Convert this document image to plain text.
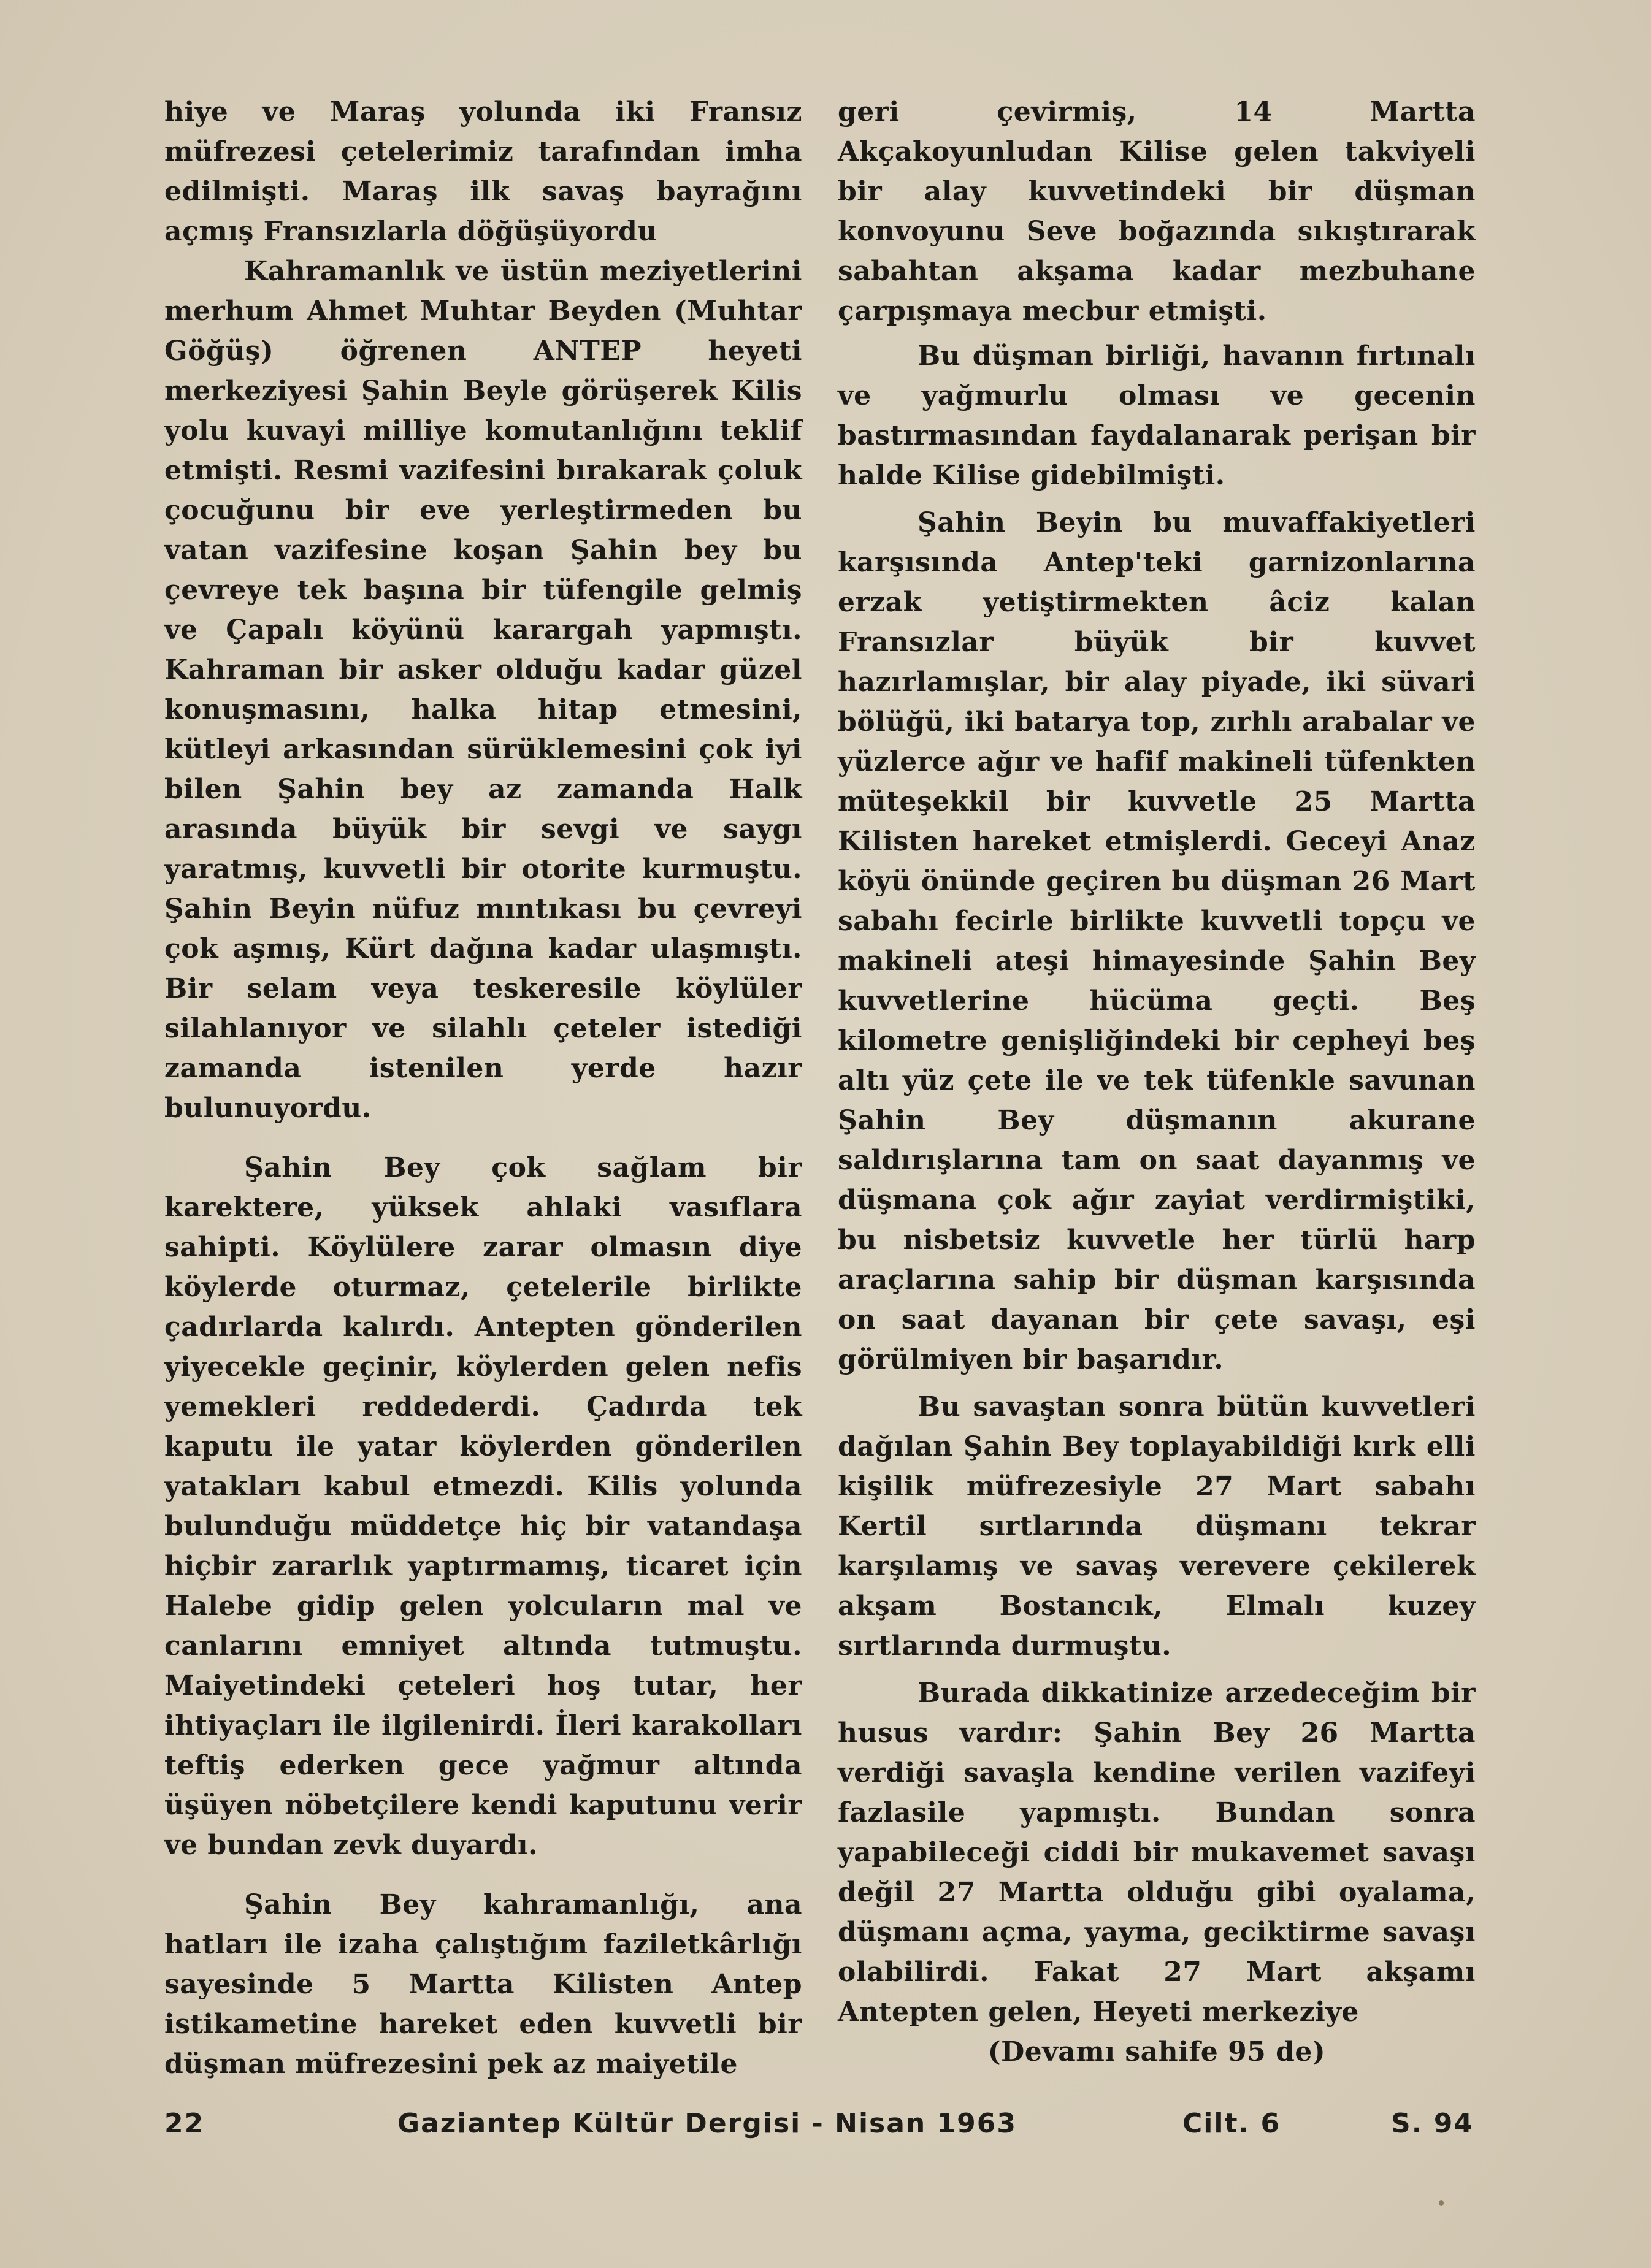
hiye ve Maraş yolunda iki Fransız müfrezesi çetelerimiz tarafından imha edilmişti. Maraş ilk savaş bayrağını açmış Fransızlarla döğüşüyordu

Kahramanlık ve üstün meziyetlerini merhum Ahmet Muhtar Beyden (Muhtar Göğüş) öğrenen ANTEP heyeti merkeziyesi Şahin Beyle görüşerek Kilis yolu kuvayi milliye komutanlığını teklif etmişti. Resmi vazifesini bırakarak çoluk çocuğunu bir eve yerleştirmeden bu vatan vazifesine koşan Şahin bey bu çevreye tek başına bir tüfengile gelmiş ve Çapalı köyünü karargah yapmıştı. Kahraman bir asker olduğu kadar güzel konuşmasını, halka hitap etmesini, kütleyi arkasından sürüklemesini çok iyi bilen Şahin bey az zamanda Halk arasında büyük bir sevgi ve saygı yaratmış, kuvvetli bir otorite kurmuştu. Şahin Beyin nüfuz mıntıkası bu çevreyi çok aşmış, Kürt dağına kadar ulaşmıştı. Bir selam veya teskeresile köylüler silahlanıyor ve silahlı çeteler istediği zamanda istenilen yerde hazır bulunuyordu.

Şahin Bey çok sağlam bir karektere, yüksek ahlaki vasıflara sahipti. Köylülere zarar olmasın diye köylerde oturmaz, çetelerile birlikte çadırlarda kalırdı. Antepten gönderilen yiyecekle geçinir, köylerden gelen nefis yemekleri reddederdi. Çadırda tek kaputu ile yatar köylerden gönderilen yatakları kabul etmezdi. Kilis yolunda bulunduğu müddetçe hiç bir vatandaşa hiçbir zararlık yaptırmamış, ticaret için Halebe gidip gelen yolcuların mal ve canlarını emniyet altında tutmuştu. Maiyetindeki çeteleri hoş tutar, her ihtiyaçları ile ilgilenirdi. İleri karakolları teftiş ederken gece yağmur altında üşüyen nöbetçilere kendi kaputunu verir ve bundan zevk duyardı.

Şahin Bey kahramanlığı, ana hatları ile izaha çalıştığım faziletkârlığı sayesinde 5 Martta Kilisten Antep istikametine hareket eden kuvvetli bir düşman müfrezesini pek az maiyetile

geri çevirmiş, 14 Martta Akçakoyunludan Kilise gelen takviyeli bir alay kuvvetindeki bir düşman konvoyunu Seve boğazında sıkıştırarak sabahtan akşama kadar mezbuhane çarpışmaya mecbur etmişti.

Bu düşman birliği, havanın fırtınalı ve yağmurlu olması ve gecenin bastırmasından faydalanarak perişan bir halde Kilise gidebilmişti.

Şahin Beyin bu muvaffakiyetleri karşısında Antep'teki garnizonlarına erzak yetiştirmekten âciz kalan Fransızlar büyük bir kuvvet hazırlamışlar, bir alay piyade, iki süvari bölüğü, iki batarya top, zırhlı arabalar ve yüzlerce ağır ve hafif makineli tüfenkten müteşekkil bir kuvvetle 25 Martta Kilisten hareket etmişlerdi. Geceyi Anaz köyü önünde geçiren bu düşman 26 Mart sabahı fecirle birlikte kuvvetli topçu ve makineli ateşi himayesinde Şahin Bey kuvvetlerine hücüma geçti. Beş kilometre genişliğindeki bir cepheyi beş altı yüz çete ile ve tek tüfenkle savunan Şahin Bey düşmanın akurane saldırışlarına tam on saat dayanmış ve düşmana çok ağır zayiat verdirmiştiki, bu nisbetsiz kuvvetle her türlü harp araçlarına sahip bir düşman karşısında on saat dayanan bir çete savaşı, eşi görülmiyen bir başarıdır.

Bu savaştan sonra bütün kuvvetleri dağılan Şahin Bey toplayabildiği kırk elli kişilik müfrezesiyle 27 Mart sabahı Kertil sırtlarında düşmanı tekrar karşılamış ve savaş verevere çekilerek akşam Bostancık, Elmalı kuzey sırtlarında durmuştu.

Burada dikkatinize arzedeceğim bir husus vardır: Şahin Bey 26 Martta verdiği savaşla kendine verilen vazifeyi fazlasile yapmıştı. Bundan sonra yapabileceği ciddi bir mukavemet savaşı değil 27 Martta olduğu gibi oyalama, düşmanı açma, yayma, geciktirme savaşı olabilirdi. Fakat 27 Mart akşamı Antepten gelen, Heyeti merkeziye

(Devamı sahife 95 de)
22	Gaziantep Kültür Dergisi - Nisan 1963	Cilt. 6	S. 94
